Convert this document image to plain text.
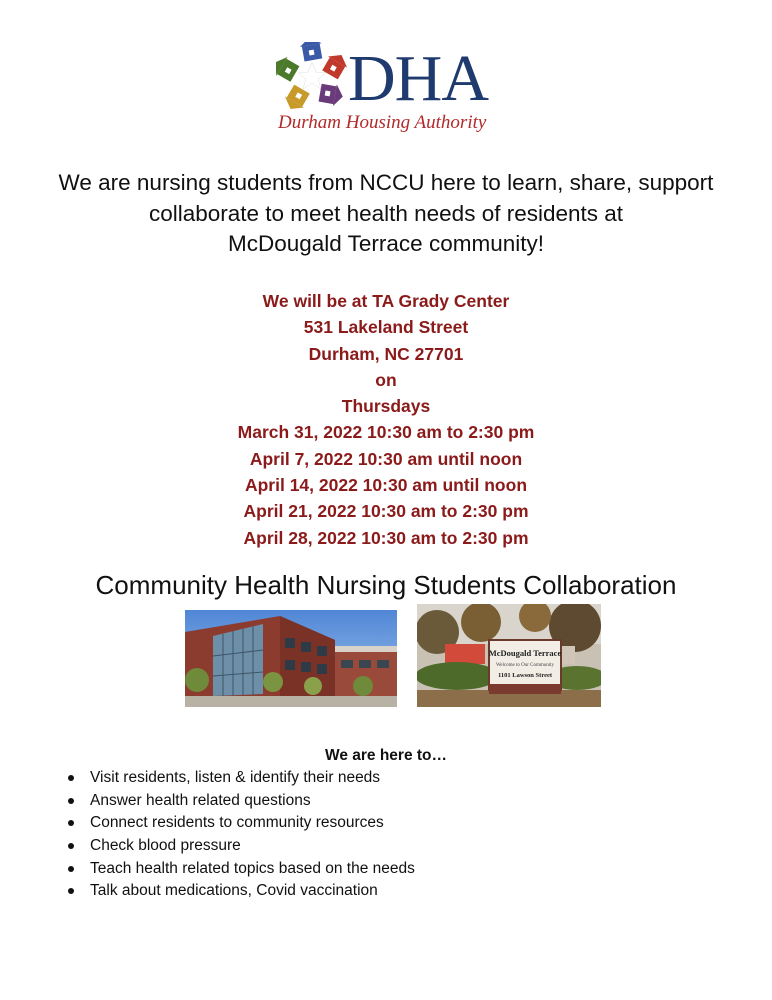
DHA
Durham Housing Authority
We are nursing students from NCCU here to learn, share, support
collaborate to meet health needs of residents at
McDougald Terrace community!
We will be at TA Grady Center
531 Lakeland Street
Durham, NC 27701
on
Thursdays
March 31, 2022 10:30 am to 2:30 pm
April 7, 2022 10:30 am until noon
April 14, 2022 10:30 am until noon
April 21, 2022 10:30 am to 2:30 pm
April 28, 2022 10:30 am to 2:30 pm
Community Health Nursing Students Collaboration
McDougald Terrace
Welcome to Our Community
1101 Lawson Street
We are here to…
Visit residents, listen & identify their needs
Answer health related questions
Connect residents to community resources
Check blood pressure
Teach health related topics based on the needs
Talk about medications, Covid vaccination
